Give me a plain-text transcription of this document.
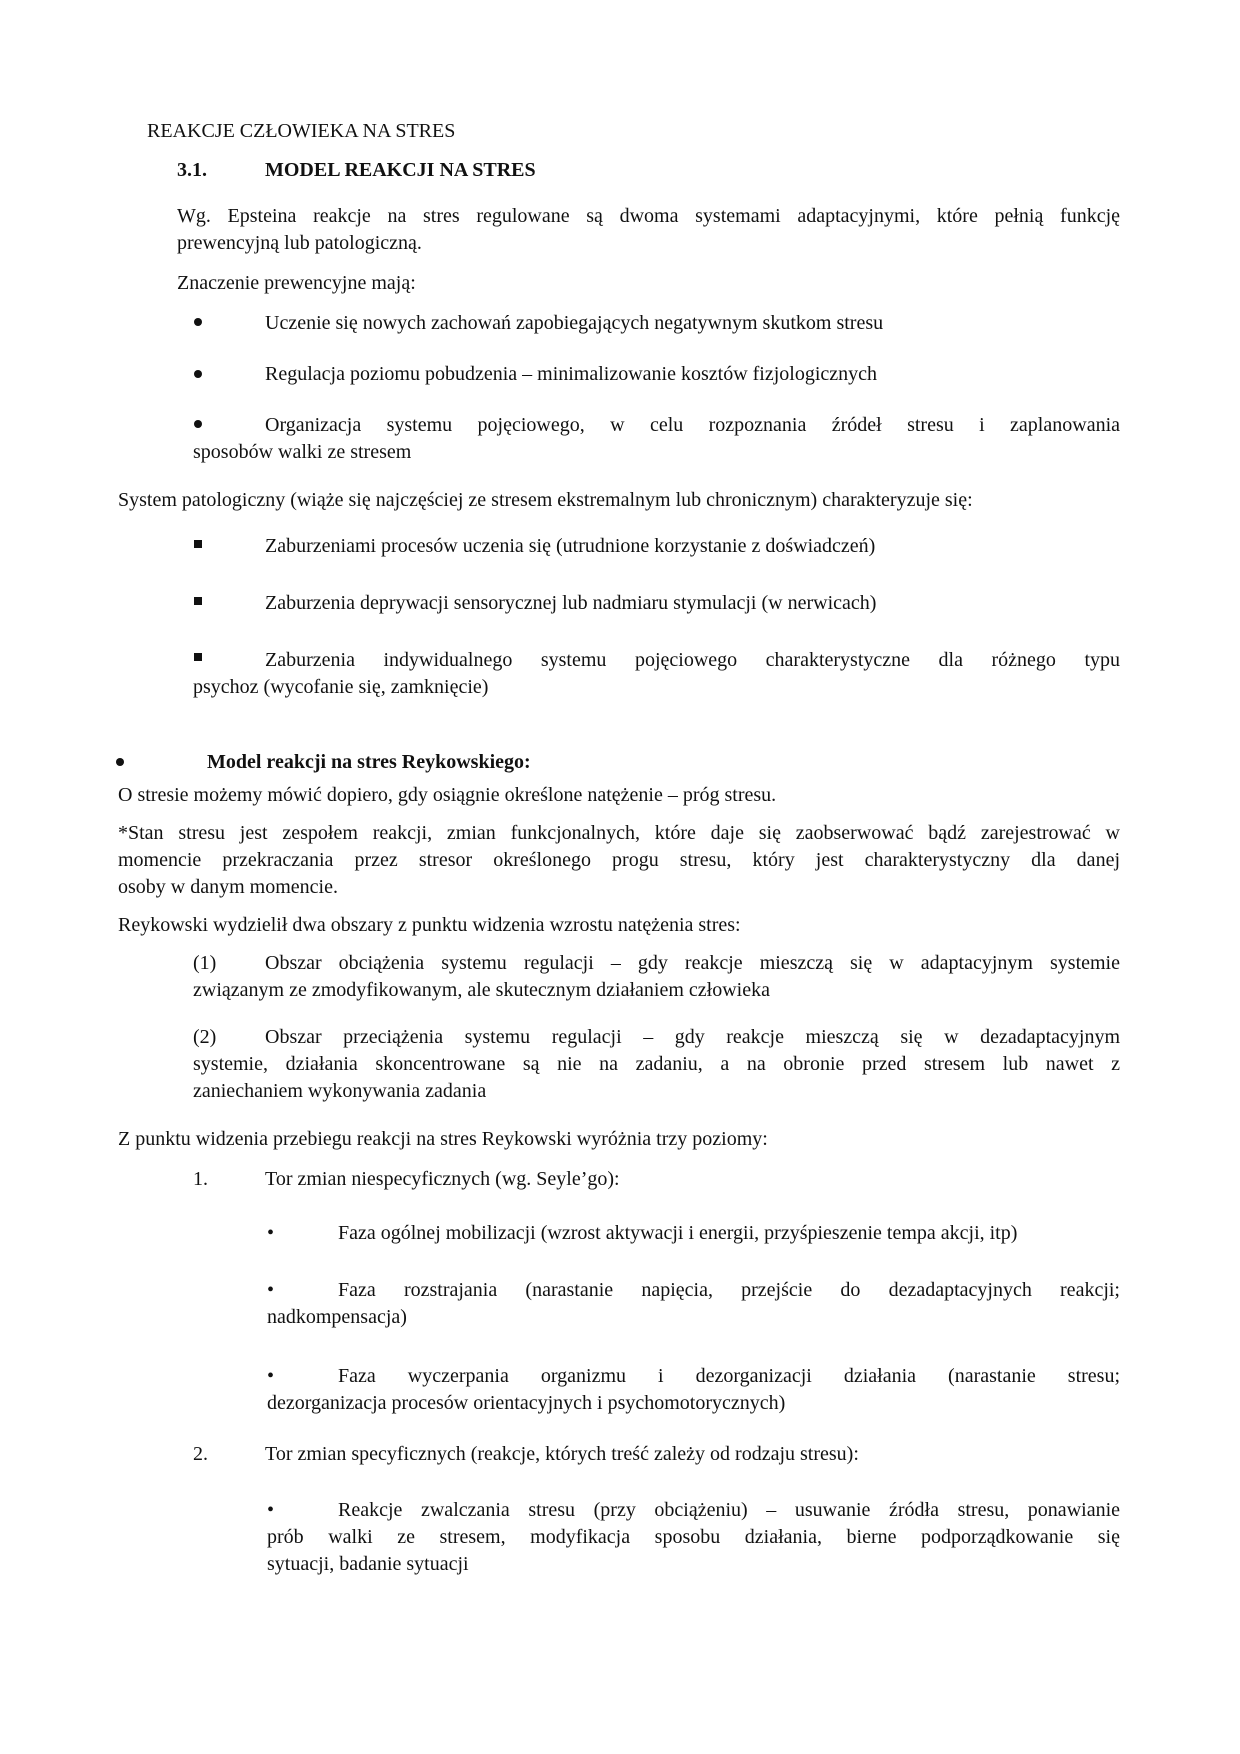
REAKCJE CZŁOWIEKA NA STRES
3.1.	MODEL REAKCJI NA STRES
Wg. Epsteina reakcje na stres regulowane są dwoma systemami adaptacyjnymi, które pełnią funkcję
prewencyjną lub patologiczną.
Znaczenie prewencyjne mają:
Uczenie się nowych zachowań zapobiegających negatywnym skutkom stresu
Regulacja poziomu pobudzenia – minimalizowanie kosztów fizjologicznych
Organizacja systemu pojęciowego, w celu rozpoznania źródeł stresu i zaplanowania
sposobów walki ze stresem
System patologiczny (wiąże się najczęściej ze stresem ekstremalnym lub chronicznym) charakteryzuje się:
Zaburzeniami procesów uczenia się (utrudnione korzystanie z doświadczeń)
Zaburzenia deprywacji sensorycznej lub nadmiaru stymulacji (w nerwicach)
Zaburzenia indywidualnego systemu pojęciowego charakterystyczne dla różnego typu
psychoz (wycofanie się, zamknięcie)
Model reakcji na stres Reykowskiego:
O stresie możemy mówić dopiero, gdy osiągnie określone natężenie – próg stresu.
*Stan stresu jest zespołem reakcji, zmian funkcjonalnych, które daje się zaobserwować bądź zarejestrować w
momencie przekraczania przez stresor określonego progu stresu, który jest charakterystyczny dla danej
osoby w danym momencie.
Reykowski wydzielił dwa obszary z punktu widzenia wzrostu natężenia stres:
(1) Obszar obciążenia systemu regulacji – gdy reakcje mieszczą się w adaptacyjnym systemie
związanym ze zmodyfikowanym, ale skutecznym działaniem człowieka
(2) Obszar przeciążenia systemu regulacji – gdy reakcje mieszczą się w dezadaptacyjnym
systemie, działania skoncentrowane są nie na zadaniu, a na obronie przed stresem lub nawet z
zaniechaniem wykonywania zadania
Z punktu widzenia przebiegu reakcji na stres Reykowski wyróżnia trzy poziomy:
1.	Tor zmian niespecyficznych (wg. Seyle’go):
•	Faza ogólnej mobilizacji (wzrost aktywacji i energii, przyśpieszenie tempa akcji, itp)
•	Faza rozstrajania (narastanie napięcia, przejście do dezadaptacyjnych reakcji;
nadkompensacja)
•	Faza wyczerpania organizmu i dezorganizacji działania (narastanie stresu;
dezorganizacja procesów orientacyjnych i psychomotorycznych)
2.	Tor zmian specyficznych (reakcje, których treść zależy od rodzaju stresu):
•	Reakcje zwalczania stresu (przy obciążeniu) – usuwanie źródła stresu, ponawianie
prób walki ze stresem, modyfikacja sposobu działania, bierne podporządkowanie się
sytuacji, badanie sytuacji
